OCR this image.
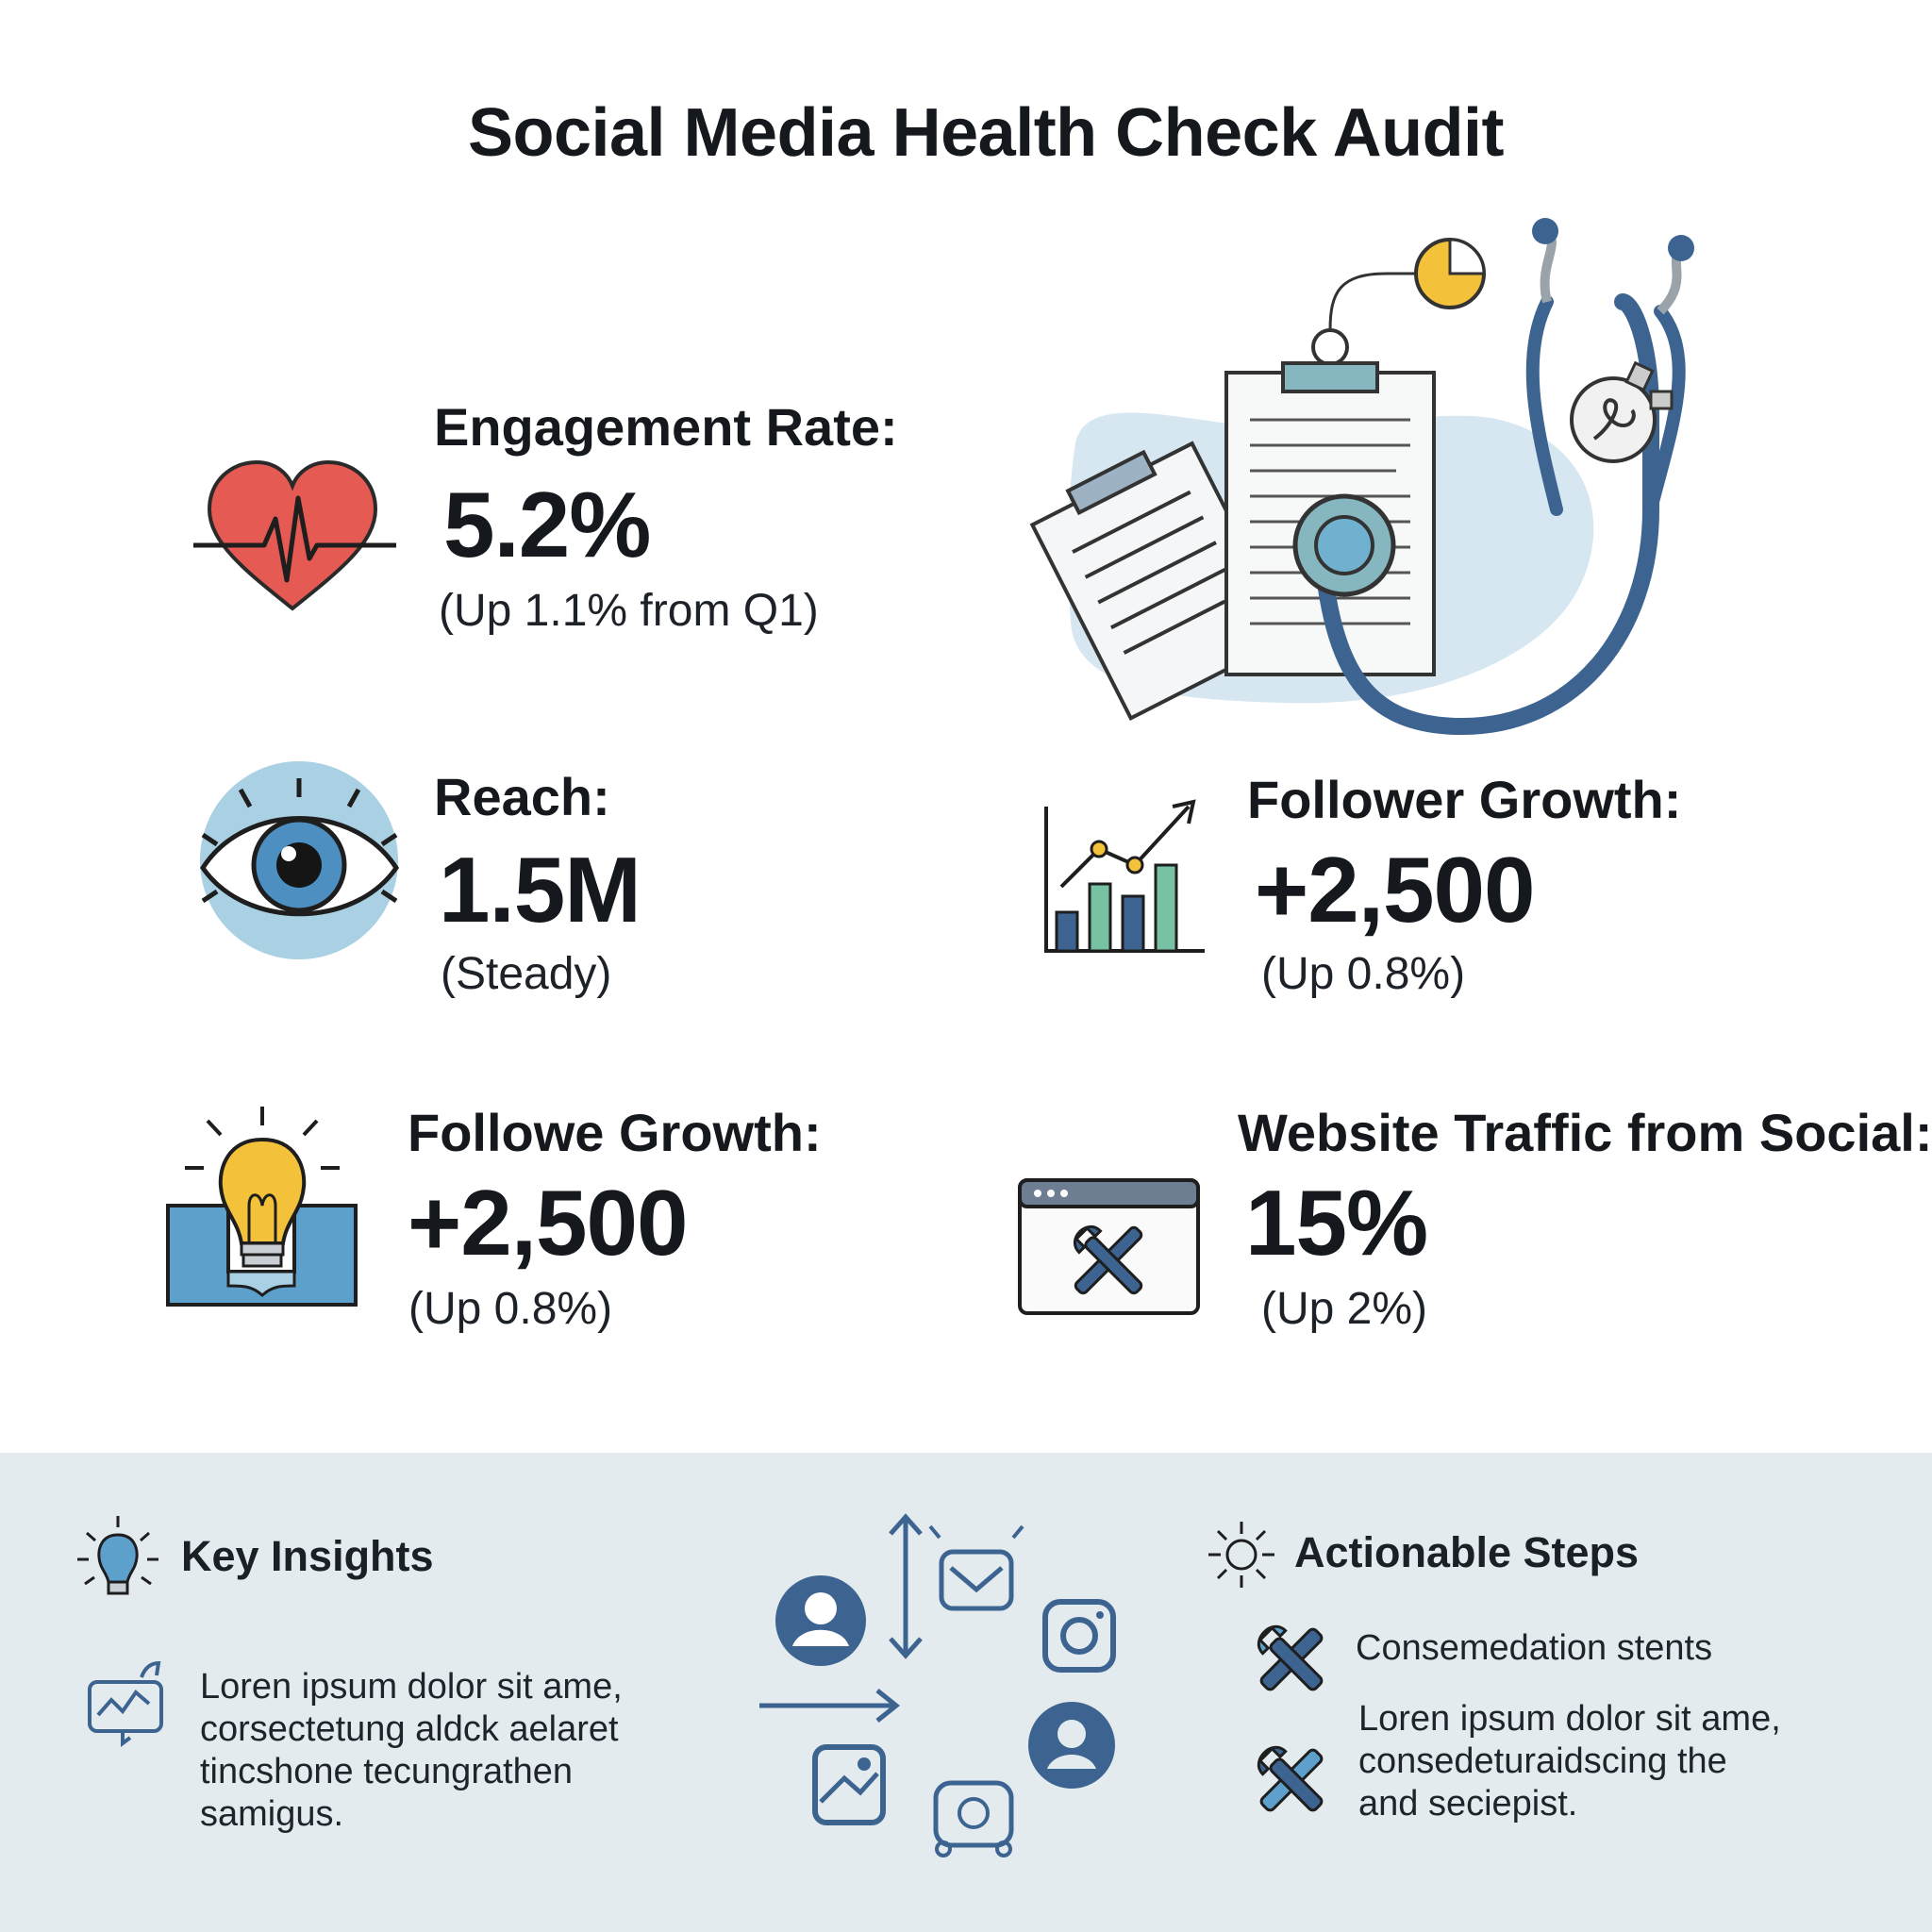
Social Media Health Check Audit
Engagement Rate:
5.2%
(Up 1.1% from Q1)
Reach:
1.5M
(Steady)
Follower Growth:
+2,500
(Up 0.8%)
Followe Growth:
+2,500
(Up 0.8%)
Website Traffic from Social:
15%
(Up 2%)
Key Insights
Loren ipsum dolor sit ame,
corsectetung aldck aelaret
tincshone tecungrathen
samigus.
Actionable Steps
Consemedation stents
Loren ipsum dolor sit ame,
consedeturaidscing the
and seciepist.
